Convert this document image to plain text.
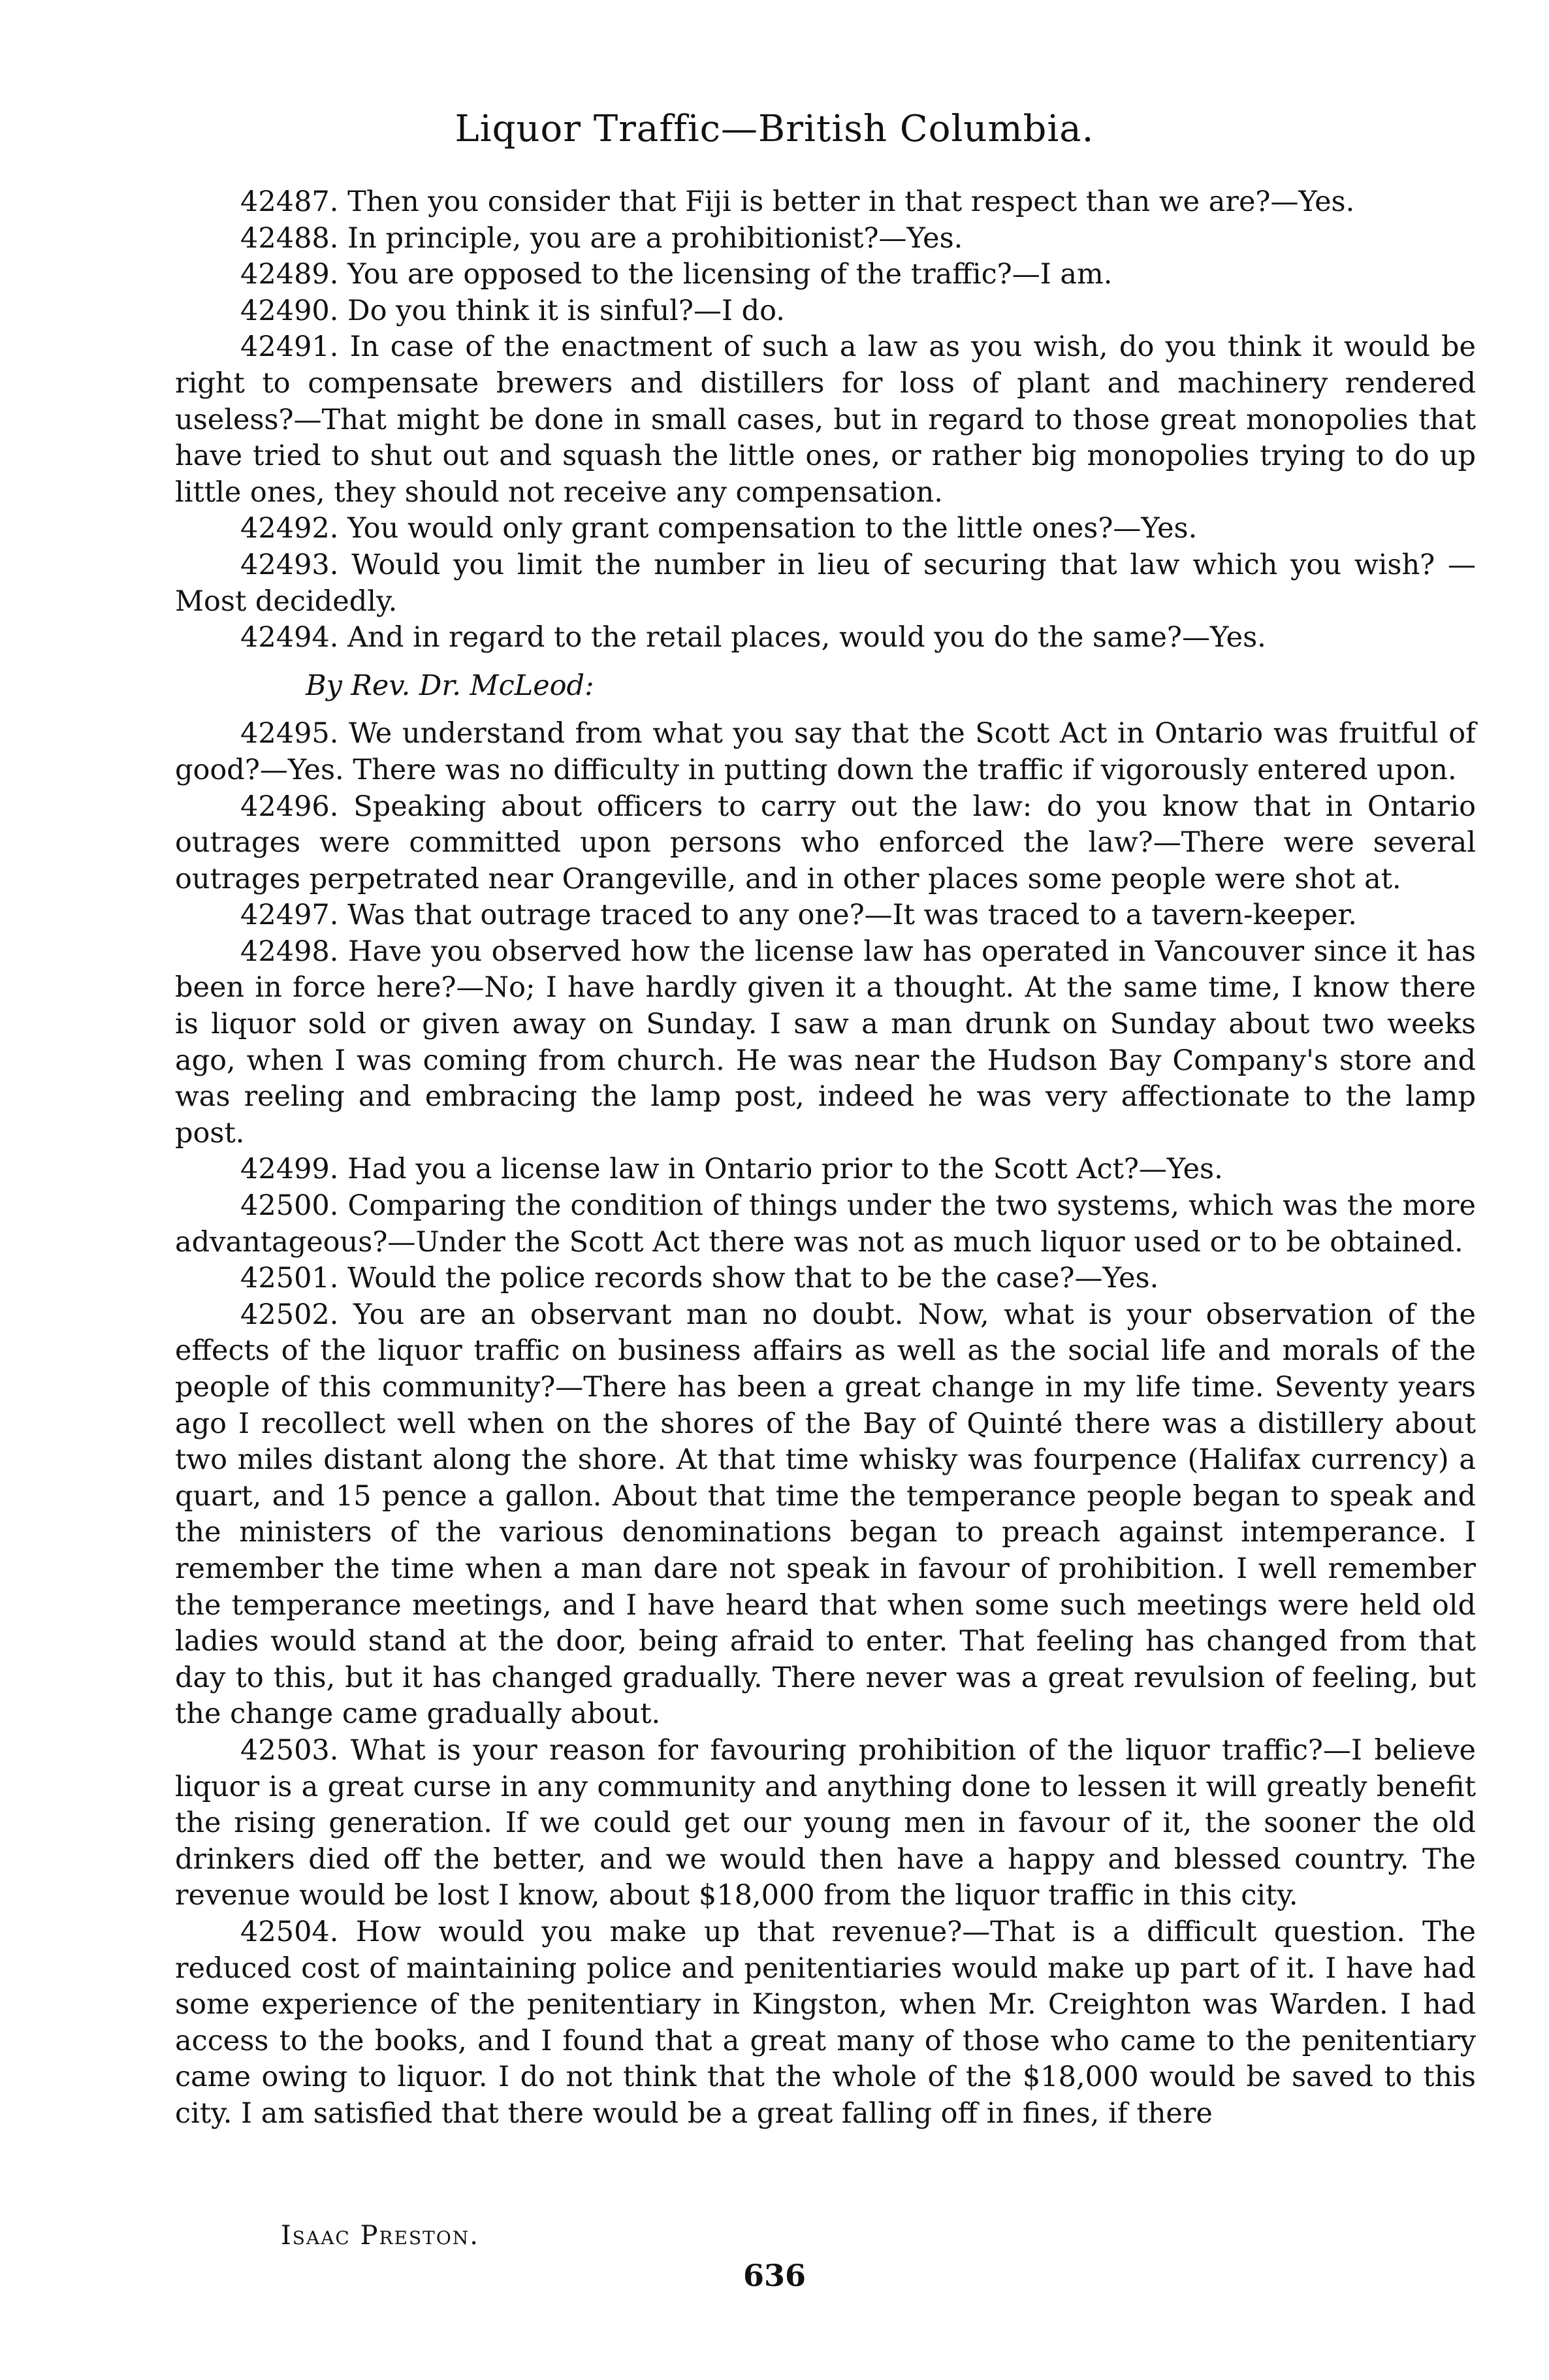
Liquor Traffic—British Columbia.

42487. Then you consider that Fiji is better in that respect than we are?—Yes.

42488. In principle, you are a prohibitionist?—Yes.

42489. You are opposed to the licensing of the traffic?—I am.

42490. Do you think it is sinful?—I do.

42491. In case of the enactment of such a law as you wish, do you think it would be right to compensate brewers and distillers for loss of plant and machinery rendered useless?—That might be done in small cases, but in regard to those great monopolies that have tried to shut out and squash the little ones, or rather big monopolies trying to do up little ones, they should not receive any compensation.

42492. You would only grant compensation to the little ones?—Yes.

42493. Would you limit the number in lieu of securing that law which you wish? —Most decidedly.

42494. And in regard to the retail places, would you do the same?—Yes.

By Rev. Dr. McLeod:

42495. We understand from what you say that the Scott Act in Ontario was fruitful of good?—Yes. There was no difficulty in putting down the traffic if vigorously entered upon.

42496. Speaking about officers to carry out the law: do you know that in Ontario outrages were committed upon persons who enforced the law?—There were several outrages perpetrated near Orangeville, and in other places some people were shot at.

42497. Was that outrage traced to any one?—It was traced to a tavern-keeper.

42498. Have you observed how the license law has operated in Vancouver since it has been in force here?—No; I have hardly given it a thought. At the same time, I know there is liquor sold or given away on Sunday. I saw a man drunk on Sunday about two weeks ago, when I was coming from church. He was near the Hudson Bay Company's store and was reeling and embracing the lamp post, indeed he was very affectionate to the lamp post.

42499. Had you a license law in Ontario prior to the Scott Act?—Yes.

42500. Comparing the condition of things under the two systems, which was the more advantageous?—Under the Scott Act there was not as much liquor used or to be obtained.

42501. Would the police records show that to be the case?—Yes.

42502. You are an observant man no doubt. Now, what is your observation of the effects of the liquor traffic on business affairs as well as the social life and morals of the people of this community?—There has been a great change in my life time. Seventy years ago I recollect well when on the shores of the Bay of Quinté there was a distillery about two miles distant along the shore. At that time whisky was fourpence (Halifax currency) a quart, and 15 pence a gallon. About that time the temperance people began to speak and the ministers of the various denominations began to preach against intemperance. I remember the time when a man dare not speak in favour of prohibition. I well remember the temperance meetings, and I have heard that when some such meetings were held old ladies would stand at the door, being afraid to enter. That feeling has changed from that day to this, but it has changed gradually. There never was a great revulsion of feeling, but the change came gradually about.

42503. What is your reason for favouring prohibition of the liquor traffic?—I believe liquor is a great curse in any community and anything done to lessen it will greatly benefit the rising generation. If we could get our young men in favour of it, the sooner the old drinkers died off the better, and we would then have a happy and blessed country. The revenue would be lost I know, about $18,000 from the liquor traffic in this city.

42504. How would you make up that revenue?—That is a difficult question. The reduced cost of maintaining police and penitentiaries would make up part of it. I have had some experience of the penitentiary in Kingston, when Mr. Creighton was Warden. I had access to the books, and I found that a great many of those who came to the penitentiary came owing to liquor. I do not think that the whole of the $18,000 would be saved to this city. I am satisfied that there would be a great falling off in fines, if there

Isaac Preston.
636
